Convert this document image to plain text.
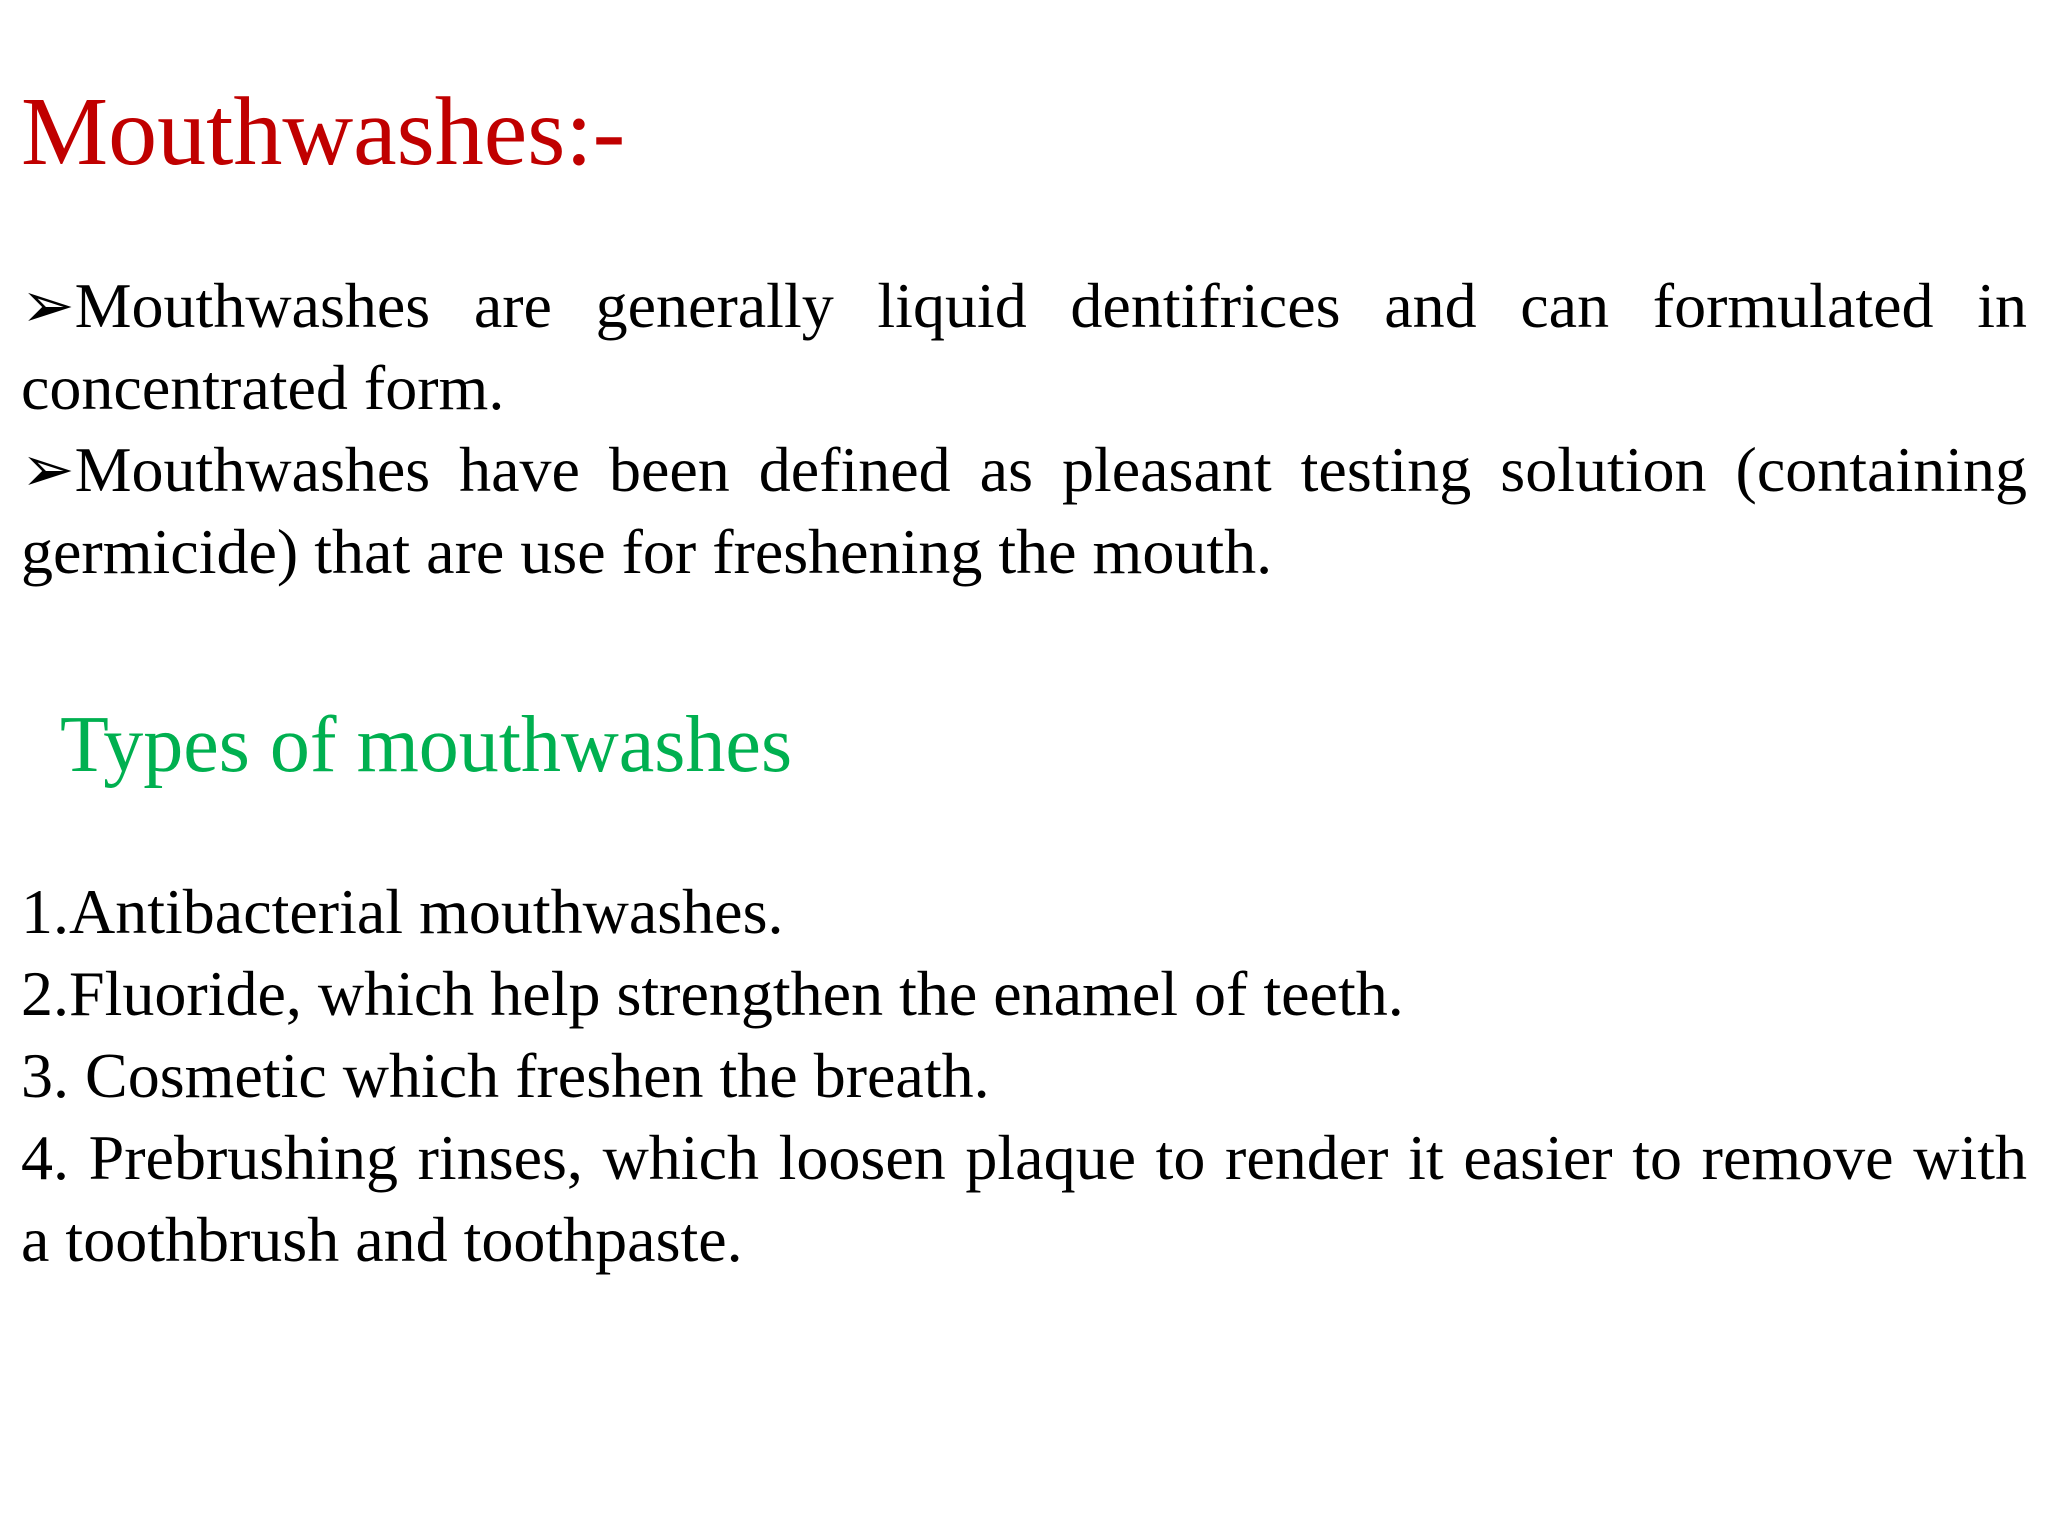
Mouthwashes:-

➢Mouthwashes are generally liquid dentifrices and can formulated in concentrated form.

➢Mouthwashes have been defined as pleasant testing solution (containing germicide) that are use for freshening the mouth.

Types of mouthwashes

1.Antibacterial mouthwashes.

2.Fluoride, which help strengthen the enamel of teeth.

3. Cosmetic which freshen the breath.

4. Prebrushing rinses, which loosen plaque to render it easier to remove with a toothbrush and toothpaste.
